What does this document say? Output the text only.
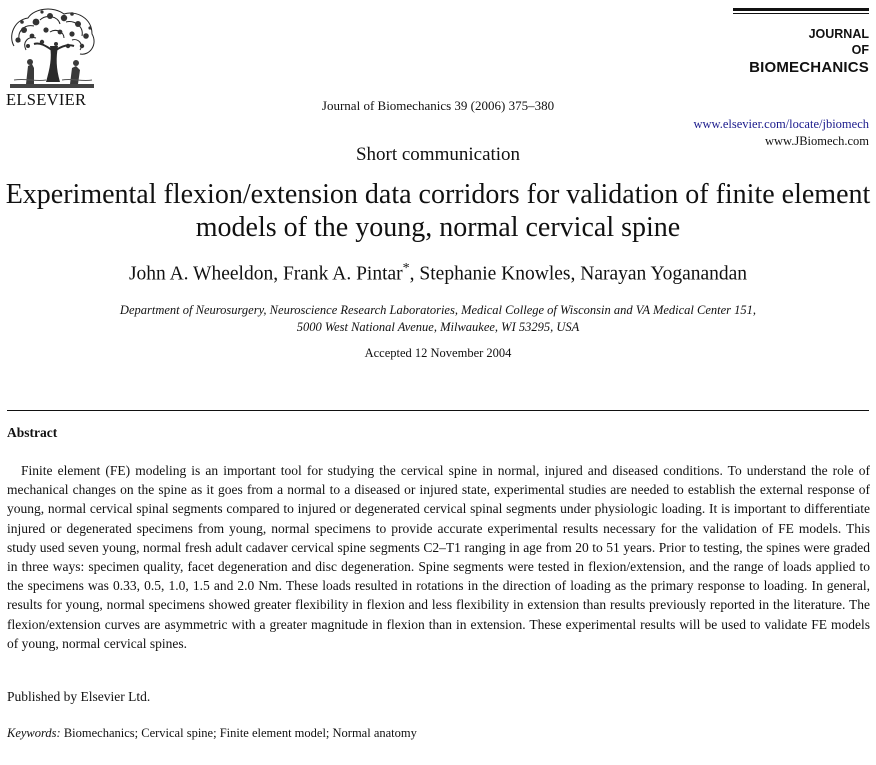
ELSEVIER	Journal of Biomechanics 39 (2006) 375–380
JOURNAL
OF
BIOMECHANICS
www.elsevier.com/locate/jbiomech
www.JBiomech.com
Short communication
Experimental flexion/extension data corridors for validation of finite element models of the young, normal cervical spine
John A. Wheeldon, Frank A. Pintar*, Stephanie Knowles, Narayan Yoganandan
Department of Neurosurgery, Neuroscience Research Laboratories, Medical College of Wisconsin and VA Medical Center 151,
5000 West National Avenue, Milwaukee, WI 53295, USA
Accepted 12 November 2004
Abstract

Finite element (FE) modeling is an important tool for studying the cervical spine in normal, injured and diseased conditions. To understand the role of mechanical changes on the spine as it goes from a normal to a diseased or injured state, experimental studies are needed to establish the external response of young, normal cervical spinal segments compared to injured or degenerated cervical spinal segments under physiologic loading. It is important to differentiate injured or degenerated specimens from young, normal specimens to provide accurate experimental results necessary for the validation of FE models. This study used seven young, normal fresh adult cadaver cervical spine segments C2–T1 ranging in age from 20 to 51 years. Prior to testing, the spines were graded in three ways: specimen quality, facet degeneration and disc degeneration. Spine segments were tested in flexion/extension, and the range of loads applied to the specimens was 0.33, 0.5, 1.0, 1.5 and 2.0 Nm. These loads resulted in rotations in the direction of loading as the primary response to loading. In general, results for young, normal specimens showed greater flexibility in flexion and less flexibility in extension than results previously reported in the literature. The flexion/extension curves are asymmetric with a greater magnitude in flexion than in extension. These experimental results will be used to validate FE models of young, normal cervical spines.

Published by Elsevier Ltd.
Keywords: Biomechanics; Cervical spine; Finite element model; Normal anatomy
